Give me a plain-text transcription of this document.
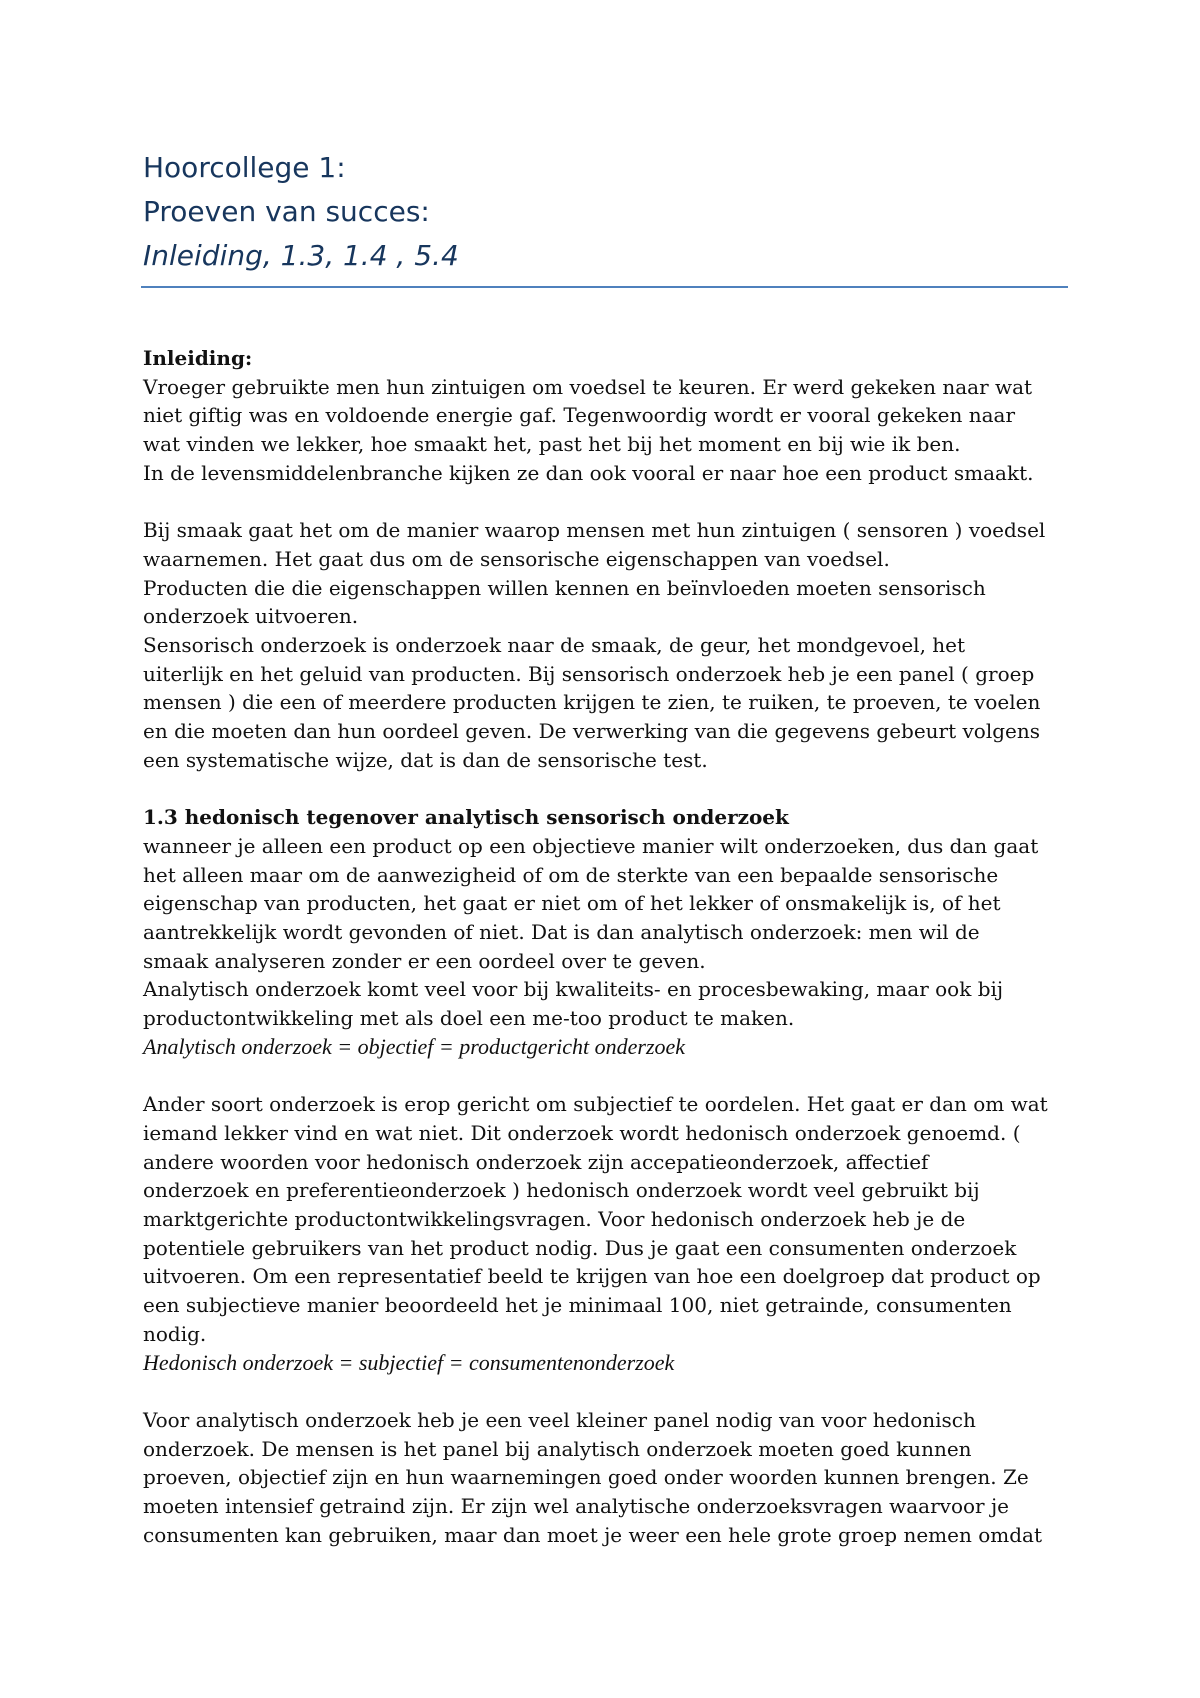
Hoorcollege 1:
Proeven van succes:
Inleiding, 1.3, 1.4 , 5.4
Inleiding:
Vroeger gebruikte men hun zintuigen om voedsel te keuren. Er werd gekeken naar wat
niet giftig was en voldoende energie gaf. Tegenwoordig wordt er vooral gekeken naar
wat vinden we lekker, hoe smaakt het, past het bij het moment en bij wie ik ben.
In de levensmiddelenbranche kijken ze dan ook vooral er naar hoe een product smaakt.
Bij smaak gaat het om de manier waarop mensen met hun zintuigen ( sensoren ) voedsel
waarnemen. Het gaat dus om de sensorische eigenschappen van voedsel.
Producten die die eigenschappen willen kennen en beïnvloeden moeten sensorisch
onderzoek uitvoeren.
Sensorisch onderzoek is onderzoek naar de smaak, de geur, het mondgevoel, het
uiterlijk en het geluid van producten. Bij sensorisch onderzoek heb je een panel ( groep
mensen ) die een of meerdere producten krijgen te zien, te ruiken, te proeven, te voelen
en die moeten dan hun oordeel geven. De verwerking van die gegevens gebeurt volgens
een systematische wijze, dat is dan de sensorische test.
1.3 hedonisch tegenover analytisch sensorisch onderzoek
wanneer je alleen een product op een objectieve manier wilt onderzoeken, dus dan gaat
het alleen maar om de aanwezigheid of om de sterkte van een bepaalde sensorische
eigenschap van producten, het gaat er niet om of het lekker of onsmakelijk is, of het
aantrekkelijk wordt gevonden of niet. Dat is dan analytisch onderzoek: men wil de
smaak analyseren zonder er een oordeel over te geven.
Analytisch onderzoek komt veel voor bij kwaliteits- en procesbewaking, maar ook bij
productontwikkeling met als doel een me-too product te maken.
Analytisch onderzoek = objectief = productgericht onderzoek
Ander soort onderzoek is erop gericht om subjectief te oordelen. Het gaat er dan om wat
iemand lekker vind en wat niet. Dit onderzoek wordt hedonisch onderzoek genoemd. (
andere woorden voor hedonisch onderzoek zijn accepatieonderzoek, affectief
onderzoek en preferentieonderzoek ) hedonisch onderzoek wordt veel gebruikt bij
marktgerichte productontwikkelingsvragen. Voor hedonisch onderzoek heb je de
potentiele gebruikers van het product nodig. Dus je gaat een consumenten onderzoek
uitvoeren. Om een representatief beeld te krijgen van hoe een doelgroep dat product op
een subjectieve manier beoordeeld het je minimaal 100, niet getrainde, consumenten
nodig.
Hedonisch onderzoek = subjectief = consumentenonderzoek
Voor analytisch onderzoek heb je een veel kleiner panel nodig van voor hedonisch
onderzoek. De mensen is het panel bij analytisch onderzoek moeten goed kunnen
proeven, objectief zijn en hun waarnemingen goed onder woorden kunnen brengen. Ze
moeten intensief getraind zijn. Er zijn wel analytische onderzoeksvragen waarvoor je
consumenten kan gebruiken, maar dan moet je weer een hele grote groep nemen omdat
